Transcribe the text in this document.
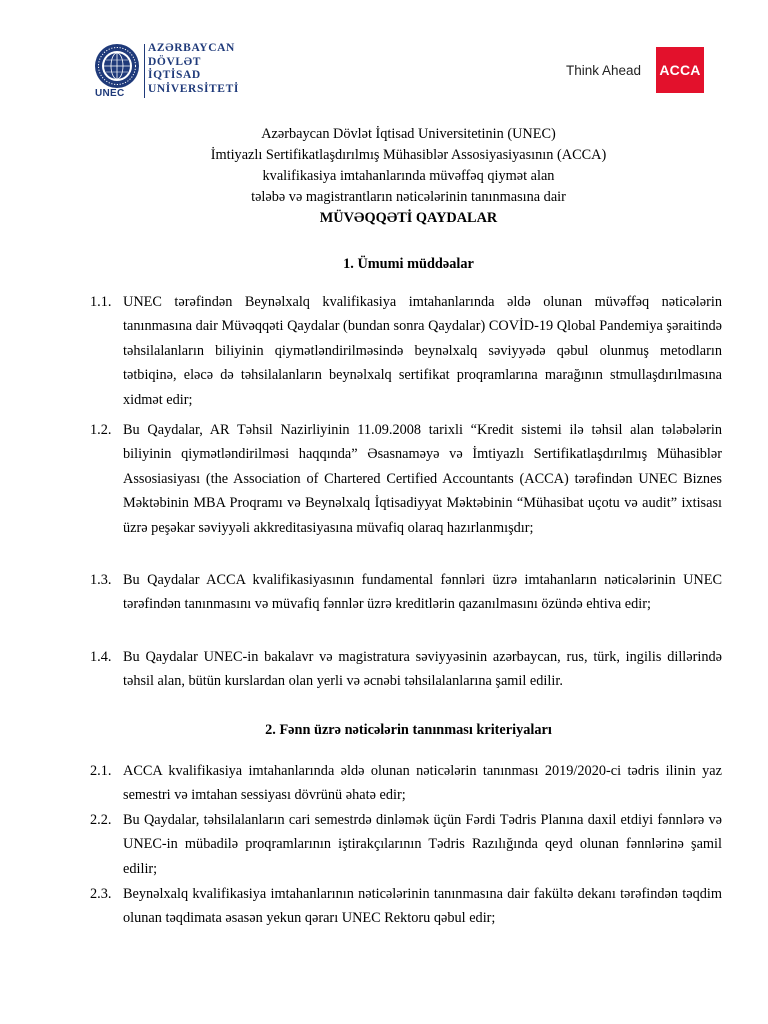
UNEC
AZƏRBAYCAN
DÖVLƏT
İQTİSAD
UNİVERSİTETİ
Think Ahead ACCA
Azərbaycan Dövlət İqtisad Universitetinin (UNEC)
İmtiyazlı Sertifikatlaşdırılmış Mühasiblər Assosiyasiyasının (ACCA)
kvalifikasiya imtahanlarında müvəffəq qiymət alan
tələbə və magistrantların nəticələrinin tanınmasına dair
MÜVƏQQƏTİ QAYDALAR
1. Ümumi müddəalar
1.1. UNEC tərəfindən Beynəlxalq kvalifikasiya imtahanlarında əldə olunan müvəffəq nəticələrin tanınmasına dair Müvəqqəti Qaydalar (bundan sonra Qaydalar) COVİD-19 Qlobal Pandemiya şəraitində təhsilalanların biliyinin qiymətləndirilməsində beynəlxalq səviyyədə qəbul olunmuş metodların tətbiqinə, eləcə də təhsilalanların beynəlxalq sertifikat proqramlarına marağının stmullaşdırılmasına xidmət edir;
1.2. Bu Qaydalar, AR Təhsil Nazirliyinin 11.09.2008 tarixli “Kredit sistemi ilə təhsil alan tələbələrin biliyinin qiymətləndirilməsi haqqında” Əsasnaməyə və İmtiyazlı Sertifikatlaşdırılmış Mühasiblər Assosiasiyası (the Association of Chartered Certified Accountants (ACCA) tərəfindən UNEC Biznes Məktəbinin MBA Proqramı və Beynəlxalq İqtisadiyyat Məktəbinin “Mühasibat uçotu və audit” ixtisası üzrə peşəkar səviyyəli akkreditasiyasına müvafiq olaraq hazırlanmışdır;
1.3. Bu Qaydalar ACCA kvalifikasiyasının fundamental fənnləri üzrə imtahanların nəticələrinin UNEC tərəfindən tanınmasını və müvafiq fənnlər üzrə kreditlərin qazanılmasını özündə ehtiva edir;
1.4. Bu Qaydalar UNEC-in bakalavr və magistratura səviyyəsinin azərbaycan, rus, türk, ingilis dillərində təhsil alan, bütün kurslardan olan yerli və əcnəbi təhsilalanlarına şamil edilir.
2. Fənn üzrə nəticələrin tanınması kriteriyaları
2.1. ACCA kvalifikasiya imtahanlarında əldə olunan nəticələrin tanınması 2019/2020-ci tədris ilinin yaz semestri və imtahan sessiyası dövrünü əhatə edir;
2.2. Bu Qaydalar, təhsilalanların cari semestrdə dinləmək üçün Fərdi Tədris Planına daxil etdiyi fənnlərə və UNEC-in mübadilə proqramlarının iştirakçılarının Tədris Razılığında qeyd olunan fənnlərinə şamil edilir;
2.3. Beynəlxalq kvalifikasiya imtahanlarının nəticələrinin tanınmasına dair fakültə dekanı tərəfindən təqdim olunan təqdimata əsasən yekun qərarı UNEC Rektoru qəbul edir;
